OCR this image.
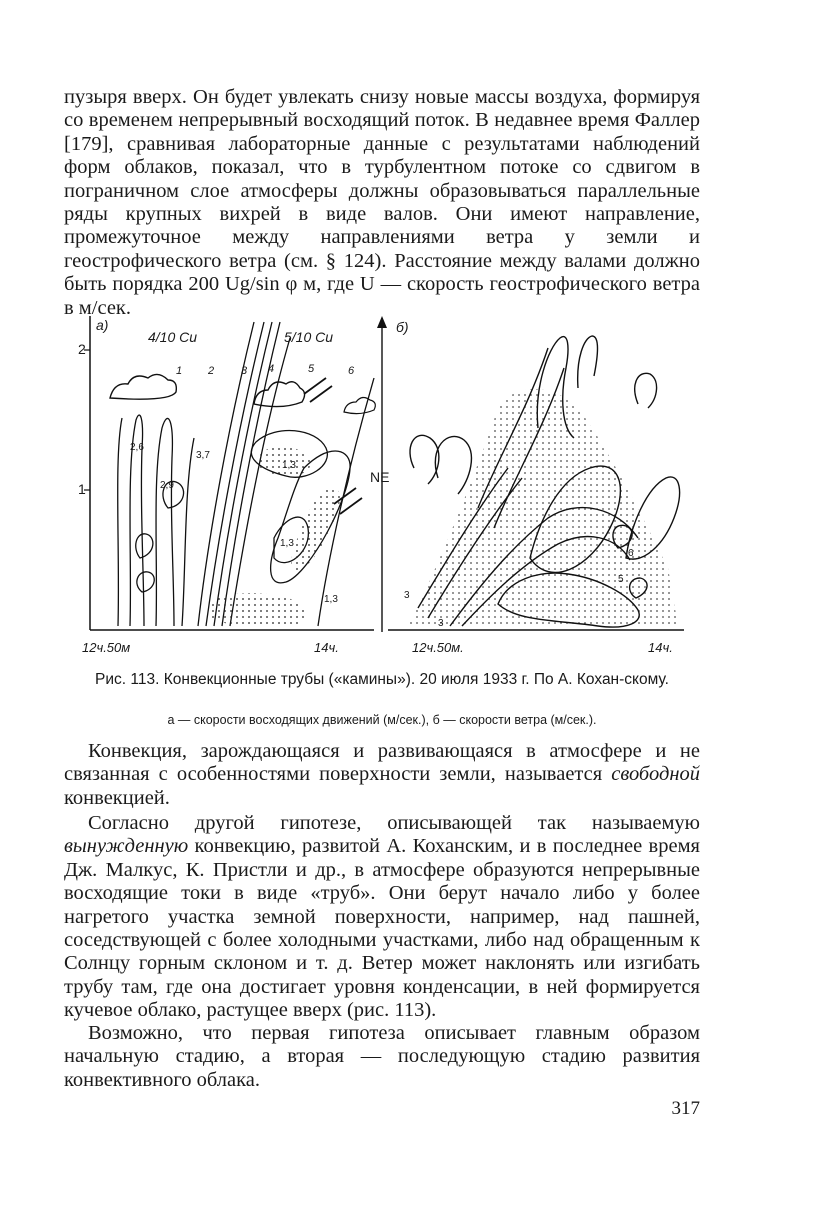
пузыря вверх. Он будет увлекать снизу новые массы воздуха, формируя со временем непрерывный восходящий поток. В недавнее время Фаллер [179], сравнивая лабораторные данные с результатами наблюдений форм облаков, показал, что в турбулентном потоке со сдвигом в пограничном слое атмосферы должны образовываться параллельные ряды крупных вихрей в виде валов. Они имеют направление, промежуточное между направлениями ветра у земли и геострофического ветра (см. § 124). Расстояние между валами должно быть порядка 200 Ug/sin φ м, где U — скорость геострофического ветра в м/сек.

2
1
а)
4/10 Cu	5/10 Cu
1 2 3 4	5	6
2,6
2,9
3,7
1,3
1,3
1,3
NE
б)
6
5
3
3
12ч.50м	14ч.	12ч.50м.	14ч.
Рис. 113. Конвекционные трубы («камины»). 20 июля 1933 г. По А. Кохан-скому.
а — скорости восходящих движений (м/сек.), б — скорости ветра (м/сек.).

Конвекция, зарождающаяся и развивающаяся в атмосфере и не связанная с особенностями поверхности земли, называется свободной конвекцией.

Согласно другой гипотезе, описывающей так называемую вынужденную конвекцию, развитой А. Коханским, и в последнее время Дж. Малкус, К. Пристли и др., в атмосфере образуются непрерывные восходящие токи в виде «труб». Они берут начало либо у более нагретого участка земной поверхности, например, над пашней, соседствующей с более холодными участками, либо над обращенным к Солнцу горным склоном и т. д. Ветер может наклонять или изгибать трубу там, где она достигает уровня конденсации, в ней формируется кучевое облако, растущее вверх (рис. 113).

Возможно, что первая гипотеза описывает главным образом начальную стадию, а вторая — последующую стадию развития конвективного облака.

317
